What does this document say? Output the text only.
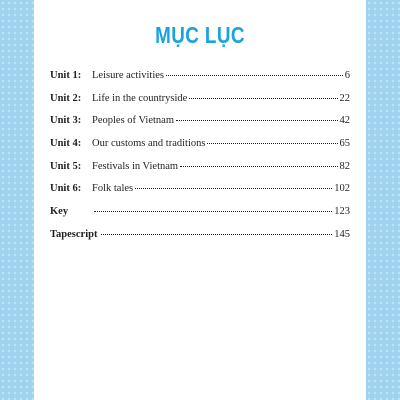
MỤC LỤC
Unit 1:	Leisure activities	6
Unit 2:	Life in the countryside	22
Unit 3:	Peoples of Vietnam	42
Unit 4:	Our customs and traditions	65
Unit 5:	Festivals in Vietnam	82
Unit 6:	Folk tales	102
Key	123
Tapescript	145
